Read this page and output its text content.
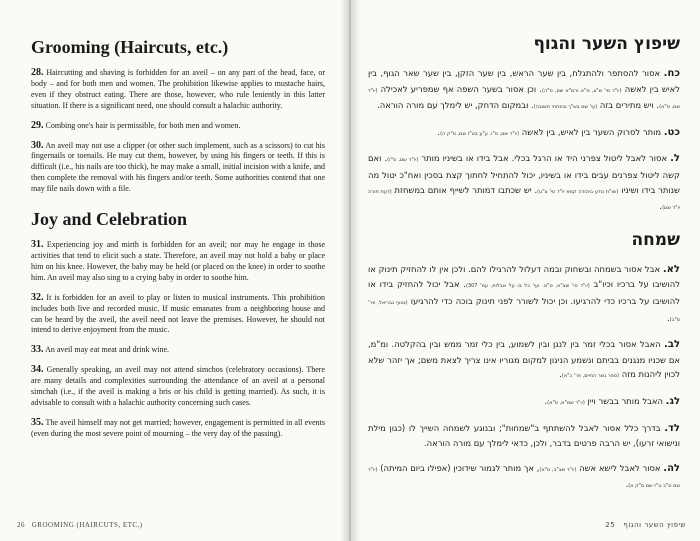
Grooming (Haircuts, etc.)

28. Haircutting and shaving is forbidden for an aveil – on any part of the head, face, or body – and for both men and women. The prohibition likewise applies to mustache hairs, even if they obstruct eating. There are those, however, who rule leniently in this latter situation. If there is a significant need, one should consult a halachic authority.

29. Combing one's hair is permissible, for both men and women.

30. An aveil may not use a clipper (or other such implement, such as a scissors) to cut his fingernails or toenails. He may cut them, however, by using his fingers or teeth. If this is difficult (i.e., his nails are too thick), he may make a small, initial incision with a knife, and then complete the removal with his fingers and/or teeth. Some authorities contend that one may file nails down with a file.

Joy and Celebration

31. Experiencing joy and mirth is forbidden for an aveil; nor may he engage in those activities that tend to elicit such a state. Therefore, an aveil may not hold a baby or place him on his knee. However, the baby may be held (or placed on the knee) in order to soothe him. An aveil may also sing to a crying baby in order to soothe him.

32. It is forbidden for an aveil to play or listen to musical instruments. This prohibition includes both live and recorded music. If music emanates from a neighboring house and can be heard by the aveil, the aveil need not leave the premises. However, he should not intend to derive enjoyment from the music.

33. An aveil may eat meat and drink wine.

34. Generally speaking, an aveil may not attend simchos (celebratory occasions). There are many details and complexities surrounding the attendance of an aveil at a personal simchah (i.e., if the aveil is making a bris or his child is getting married). As such, it is advisable to consult with a halachic authority concerning such cases.

35. The aveil himself may not get married; however, engagement is permitted in all events (even during the most severe point of mourning – the very day of the passing).

26 GROOMING (HAIRCUTS, ETC.)
שיפוץ השער והגוף

כח. אסור להסתפר ולהתגלח, בין שער הראש, בין שער הזקן, בין שער שאר הגוף, בין לאיש בין לאשה (יו"ד סי' ש"צ, ס"א ורמ"א שם, ס"ה). וכן אסור בשער השפה אף שמפריע לאכילה (יו"ד שם, ס"א). ויש מתירים בזה (עי' שם בש"ך ובפתחי תשובה). ובמקום הדחק, יש לימלך עם מורה הוראה.

כט. מותר לסרוק השער בין לאיש, בין לאשה (יו"ד שם, ס"ו. ע"ע בט"ז שם, ס"ק ה).

ל. אסור לאבל ליטול צפרני היד או הרגל בכלי. אבל בידו או בשיניו מותר (יו"ד שם, ס"ז). ואם קשה ליטול צפרנים עבים בידו או בשיניו, יכול להתחיל לחתוך קצת בסכין ואח"כ יטול מה שנותר בידו ושיניו (שו"ת נודע ביהודה קמא יו"ד סי' צ"ט). יש שכתבו דמותר לשייף אותם במשחזת (דעת תורה יו"ד שם).

שמחה

לא. אבל אסור בשמחה ובשחוק ובמה דעלול להרגילו להם. ולכן אין לו להחזיק תינוק או להושיבו על ברכיו וכיו"ב (יו"ד סי' שצ"א, ס"א. ועי' כל בו על אבלות, עמ' 307). אבל יכול להחזיק בידו או להושיבו על ברכיו כדי להרגיעו. וכן יכול לשורר לפני תינוק בוכה כדי להרגיעו (נטעי גבריאל, פר' ס"ב).

לב. האבל אסור בכלי זמר בין לנגן ובין לשמוע, בין כלי זמר ממש ובין בהקלטה. ומ"מ, אם שכניו מנגנים בביתם ונשמע הניגון למקום מגוריו אינו צריך לצאת משם; אך יזהר שלא לכוין ליהנות מזה (ספר גשר החיים, פר' כ"א).

לג. האבל מותר בבשר ויין (יו"ד שמ"א, ס"א).

לד. בדרך כלל אסור לאבל להשתתף ב"שמחות"; ובנוגע לשמחה השייך לו (כגון מילת ונישואי זרעו), יש הרבה פרטים בדבר, ולכן, כדאי לימלך עם מורה הוראה.

לה. אסור לאבל לישא אשה (יו"ד שצ"ב, ס"א), אך מותר לגמור שידוכין (אפילו ביום המיתה) (יו"ד שם ס"ב ט"ז שם ס"ק א).

שיפוץ השער והגוף   25
